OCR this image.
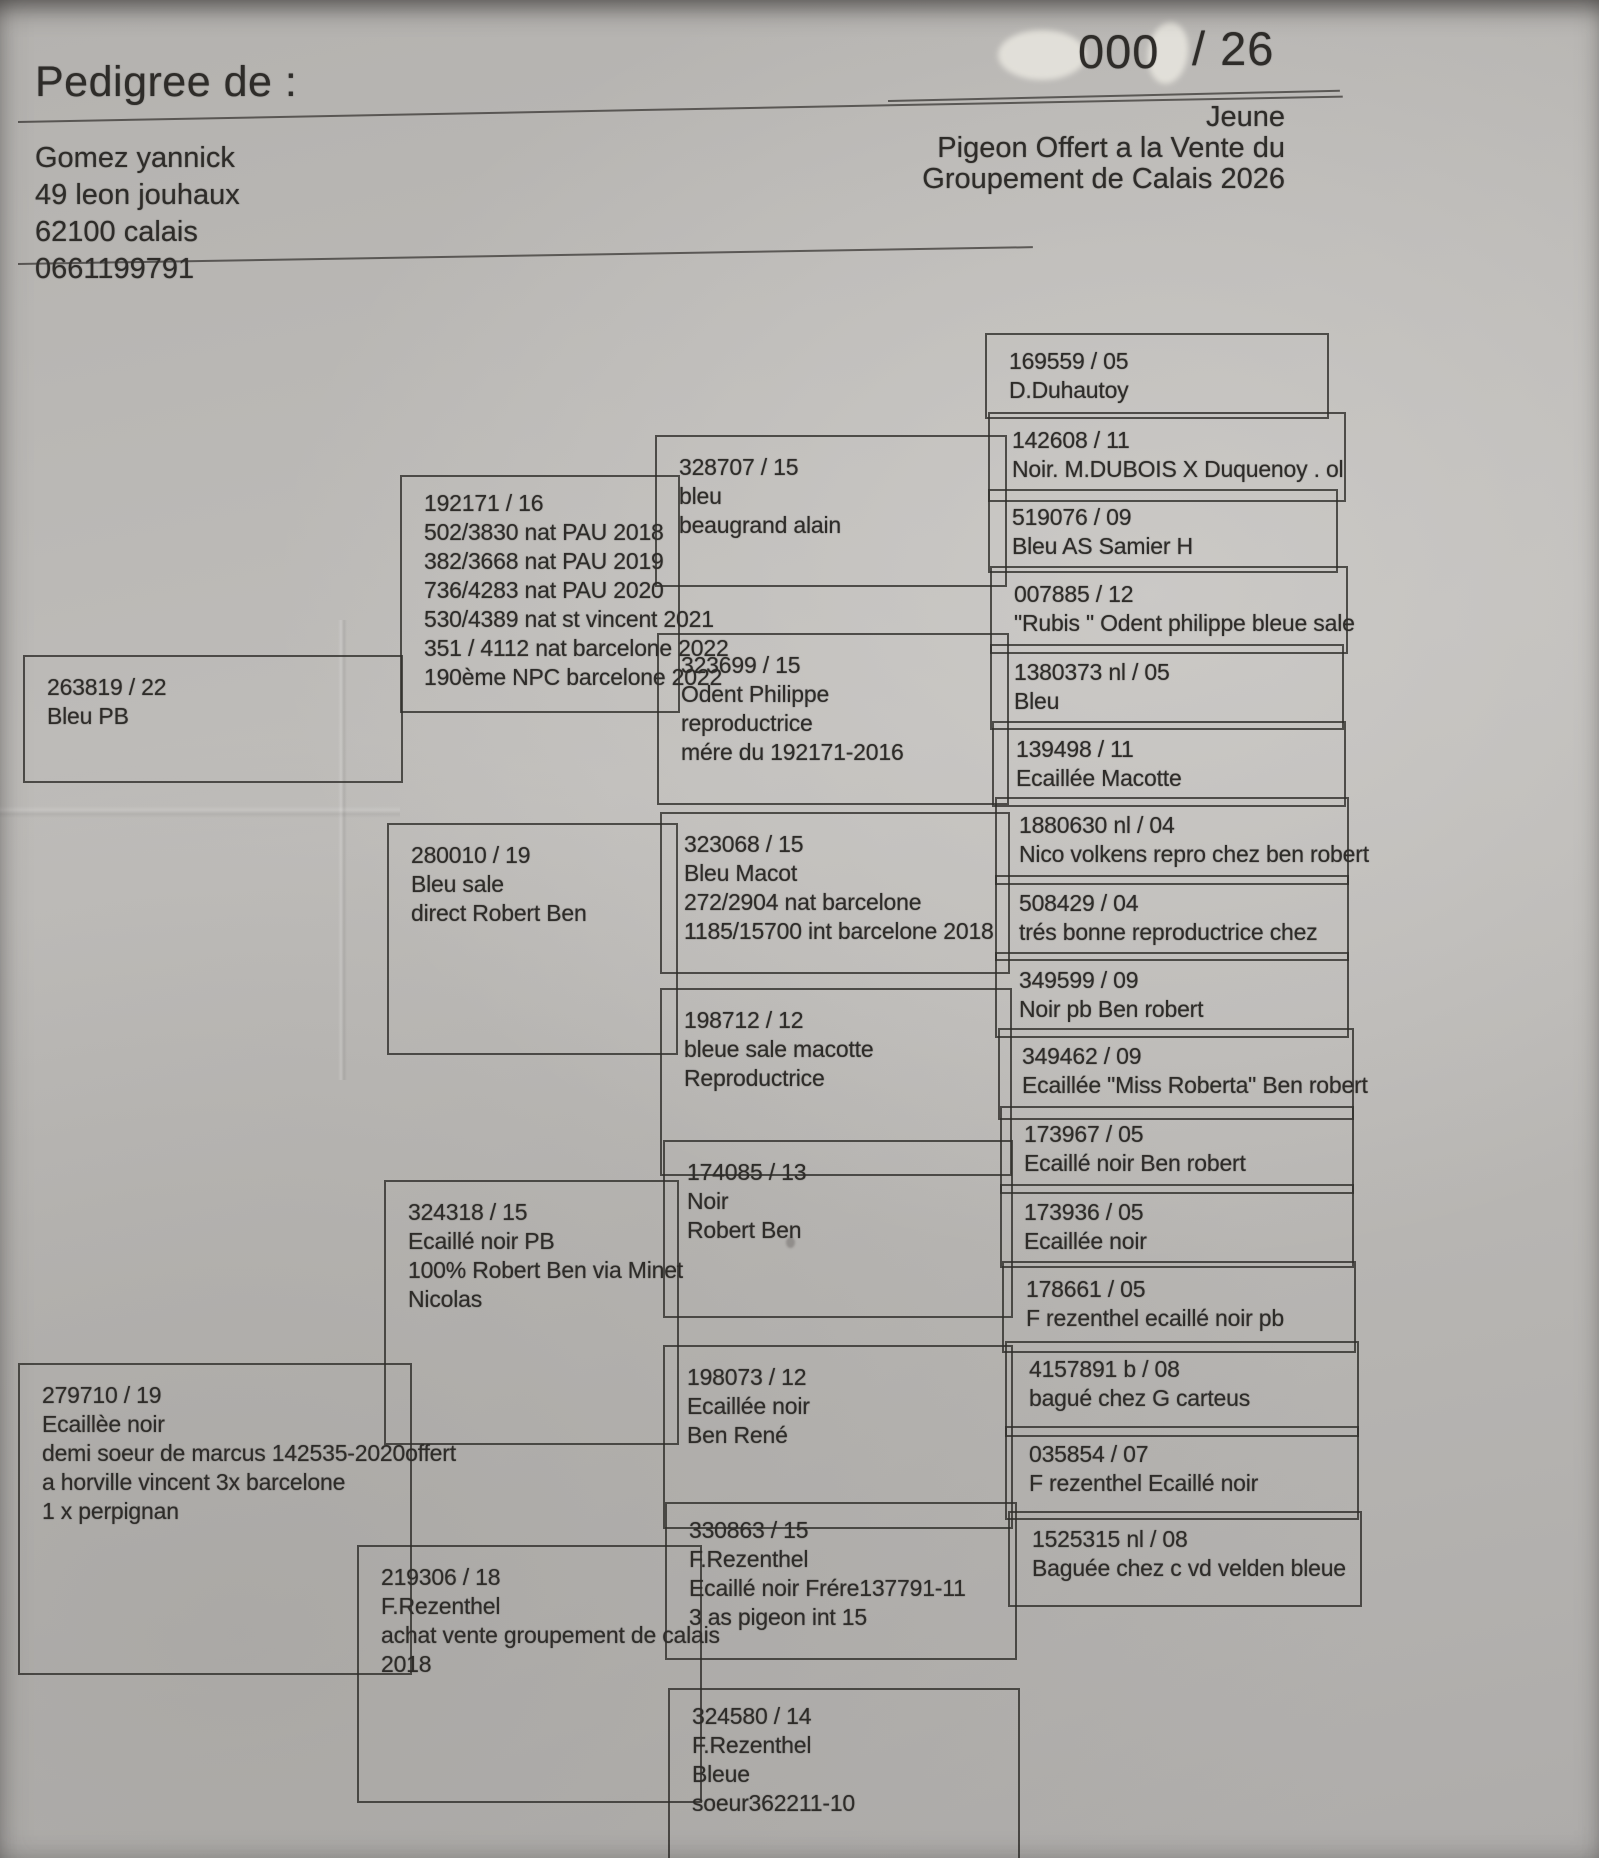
Pedigree de :
Gomez yannick
49 leon jouhaux
62100 calais
0661199791
000 / 26
Jeune
Pigeon Offert a la Vente du
Groupement de Calais 2026
263819 / 22
Bleu PB
279710 / 19
Ecaillèe noir
demi soeur de marcus 142535-2020offert
a horville vincent 3x barcelone
1 x perpignan
192171 / 16
502/3830 nat PAU 2018
382/3668 nat PAU 2019
736/4283 nat PAU 2020
530/4389 nat st vincent 2021
351 / 4112 nat barcelone 2022
190ème NPC barcelone 2022
280010 / 19
Bleu sale
direct Robert Ben
324318 / 15
Ecaillé noir PB
100% Robert Ben via Minet
Nicolas
219306 / 18
F.Rezenthel
achat vente groupement de calais
2018
328707 / 15
bleu
beaugrand alain
323699 / 15
Odent Philippe
reproductrice
mére du 192171-2016
323068 / 15
Bleu Macot
272/2904 nat barcelone
1185/15700 int barcelone 2018
198712 / 12
bleue sale macotte
Reproductrice
174085 / 13
Noir
Robert Ben
198073 / 12
Ecaillée noir
Ben René
330863 / 15
F.Rezenthel
Ecaillé noir Frére137791-11
3 as pigeon int 15
324580 / 14
F.Rezenthel
Bleue
soeur362211-10
169559 / 05
D.Duhautoy
142608 / 11
Noir. M.DUBOIS X Duquenoy . ol
519076 / 09
Bleu AS Samier H
007885 / 12
"Rubis " Odent philippe bleue sale
1380373 nl / 05
Bleu
139498 / 11
Ecaillée Macotte
1880630 nl / 04
Nico volkens repro chez ben robert
508429 / 04
trés bonne reproductrice chez
349599 / 09
Noir pb Ben robert
349462 / 09
Ecaillée "Miss Roberta" Ben robert
173967 / 05
Ecaillé noir Ben robert
173936 / 05
Ecaillée noir
178661 / 05
F rezenthel ecaillé noir pb
4157891 b / 08
bagué chez G carteus
035854 / 07
F rezenthel Ecaillé noir
1525315 nl / 08
Baguée chez c vd velden bleue
